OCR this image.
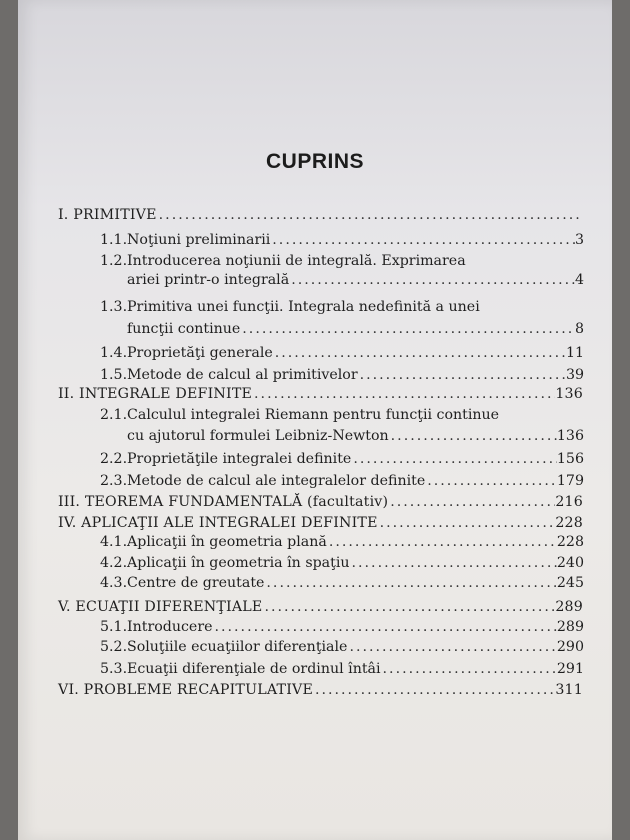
CUPRINS
I. PRIMITIVE
.....
1.1. Noţiuni preliminarii .....	3
1.2.Introducerea noţiunii de integrală. Exprimarea
ariei printr-o integrală .....	4
1.3.Primitiva unei funcţii. Integrala nedefinită a unei
funcţii continue .....	8
1.4. Proprietăţi generale .....	11
1.5. Metode de calcul al primitivelor .....	39
II. INTEGRALE DEFINITE .....	136
2.1.Calculul integralei Riemann pentru funcţii continue
cu ajutorul formulei Leibniz-Newton .....	136
2.2. Proprietăţile integralei definite .....	156
2.3. Metode de calcul ale integralelor definite .....	179
III. TEOREMA FUNDAMENTALĂ (facultativ) .....	216
IV. APLICAŢII ALE INTEGRALEI DEFINITE .....	228
4.1. Aplicaţii în geometria plană .....	228
4.2. Aplicaţii în geometria în spaţiu .....	240
4.3. Centre de greutate .....	245
V. ECUAŢII DIFERENŢIALE .....	289
5.1. Introducere .....	289
5.2. Soluţiile ecuaţiilor diferenţiale .....	290
5.3. Ecuaţii diferenţiale de ordinul întâi .....	291
VI. PROBLEME RECAPITULATIVE .....	311
